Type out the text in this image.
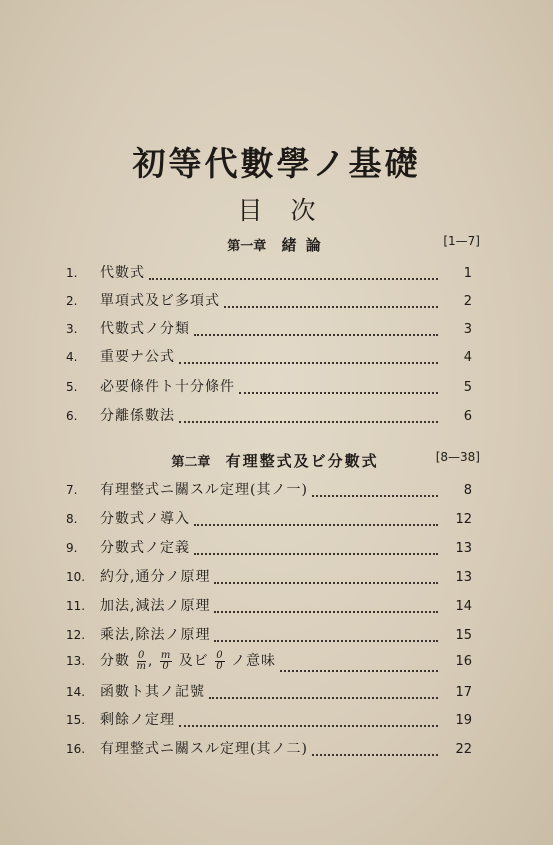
初等代數學ノ基礎
目次
第一章 緒 論	[1—7]
1.	代數式	1
2.	單項式及ビ多項式	2
3.	代數式ノ分類	3
4.	重要ナ公式	4
5.	必要條件ト十分條件	5
6.	分離係數法	6
第二章 有理整式及ビ分數式	[8—38]
7.	有理整式ニ關スル定理(其ノ一)	8
8.	分數式ノ導入	12
9.	分數式ノ定義	13
10.	約分,通分ノ原理	13
11.	加法,減法ノ原理	14
12.	乘法,除法ノ原理	15
13.	分數 $\frac{0}{m}$ , $\frac{m}{0}$ 及ビ $\frac{0}{0}$ ノ意味	16
14.	函數ト其ノ記號	17
15.	剩餘ノ定理	19
16.	有理整式ニ關スル定理(其ノ二)	22
